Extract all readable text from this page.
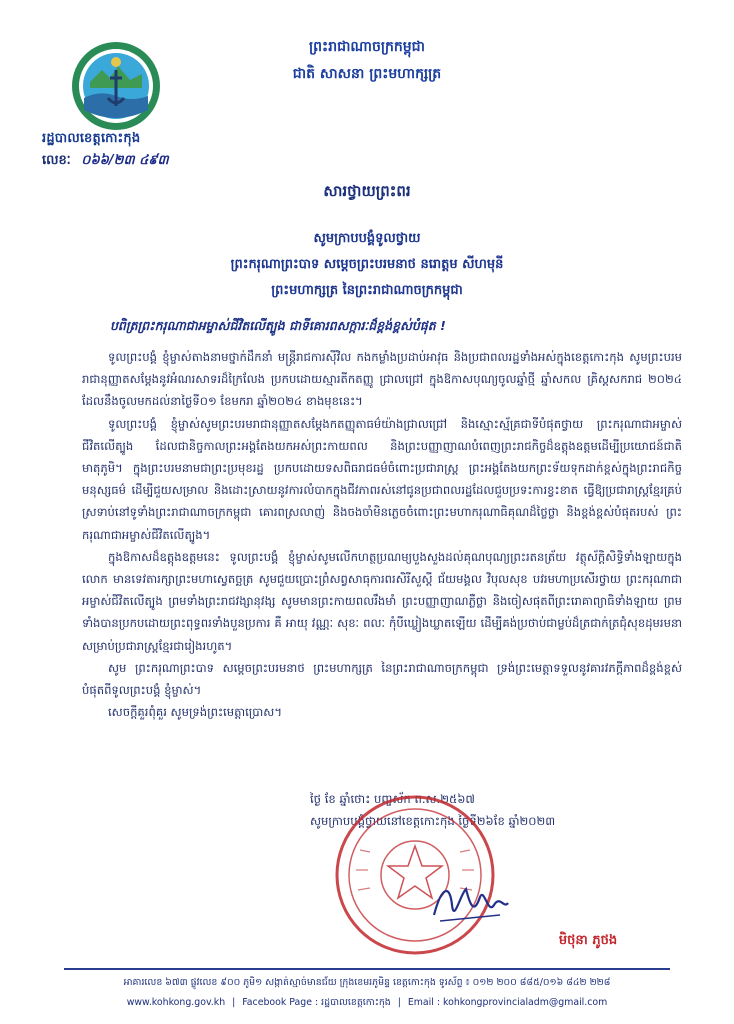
រដ្ឋបាលខេត្តកោះកុង
លេខៈ ០៦៦/២៣ ៤៩៣
ព្រះរាជាណាចក្រកម្ពុជា
ជាតិ សាសនា ព្រះមហាក្សត្រ
សារថ្វាយព្រះពរ
សូមក្រាបបង្គំទូលថ្វាយ
ព្រះករុណាព្រះបាទ សម្ដេចព្រះបរមនាថ នរោត្ដម សីហមុនី
ព្រះមហាក្សត្រ នៃព្រះរាជាណាចក្រកម្ពុជា
បពិត្រព្រះករុណាជាអម្ចាស់ជីវិតលើត្បូង ជាទីគោរពសក្ការៈដ៏ខ្ពង់ខ្ពស់បំផុត !

ទូលព្រះបង្គំ ខ្ញុំម្ចាស់តាងនាមថ្នាក់ដឹកនាំ មន្ត្រីរាជការស៊ីវិល កងកម្លាំងប្រដាប់អាវុធ និងប្រជាពលរដ្ឋទាំងអស់ក្នុងខេត្តកោះកុង សូមព្រះបរមរាជានុញ្ញាតសម្តែងនូវអំណរសាទរដ៏ក្រៃលែង ប្រកបដោយស្មារតីកតញ្ញូ ជ្រាលជ្រៅ ក្នុងឱកាសបុណ្យចូលឆ្នាំថ្មី ឆ្នាំសកល គ្រិស្តសករាជ ២០២៤ ដែលនឹងចូលមកដល់នាថ្ងៃទី០១ ខែមករា ឆ្នាំ២០២៤ ខាងមុខនេះ។

ទូលព្រះបង្គំ ខ្ញុំម្ចាស់សូមព្រះបរមរាជានុញ្ញាតសម្តែងកតញ្ញុតាធម៌យ៉ាងជ្រាលជ្រៅ និងស្មោះស្ម័គ្រជាទីបំផុតថ្វាយ ព្រះករុណាជាអម្ចាស់ជីវិតលើត្បូង ដែលជានិច្ចកាលព្រះអង្គតែងយកអស់ព្រះកាយពល និងព្រះបញ្ញាញាណបំពេញព្រះរាជកិច្ចដ៏ឧត្តុងឧត្តមដើម្បីប្រយោជន៍ជាតិមាតុភូមិ។ ក្នុងព្រះបរមនាមជាព្រះប្រមុខរដ្ឋ ប្រកបដោយទសពិធរាជធម៌ចំពោះប្រជារាស្ត្រ ព្រះអង្គតែងយកព្រះទ័យទុកដាក់ខ្ពស់ក្នុងព្រះរាជកិច្ចមនុស្សធម៌ ដើម្បីជួយសម្រាល និងដោះស្រាយនូវការលំបាកក្នុងជីវភាពរស់នៅជូនប្រជាពលរដ្ឋដែលជួបប្រទះការខ្វះខាត ធ្វើឱ្យប្រជារាស្ត្រខ្មែរគ្រប់ស្រទាប់នៅទូទាំងព្រះរាជាណាចក្រកម្ពុជា គោរពស្រលាញ់ និងចងចាំមិនភ្លេចចំពោះព្រះមហាករុណាធិគុណដ៏ថ្លៃថ្លា និងខ្ពង់ខ្ពស់បំផុតរបស់ ព្រះករុណាជាអម្ចាស់ជីវិតលើត្បូង។

ក្នុងឱកាសដ៏ឧត្តុងឧត្តមនេះ ទូលព្រះបង្គំ ខ្ញុំម្ចាស់សូមលើកហត្ថប្រណម្យបួងសួងដល់គុណបុណ្យព្រះរតនត្រ័យ វត្ថុស័ក្តិសិទ្ធិទាំងឡាយក្នុងលោក មានទេវតារក្សាព្រះមហាស្វេតច្ឆត្រ សូមជួយប្រោះព្រំសព្វសាធុការពរសិរីសួស្តី ជ័យមង្គល វិបុលសុខ បវរមហាប្រសើរថ្វាយ ព្រះករុណាជាអម្ចាស់ជីវិតលើត្បូង ព្រមទាំងព្រះរាជវង្សានុវង្ស សូមមានព្រះកាយពលរឹងមាំ ព្រះបញ្ញាញាណភ្លឺថ្លា និងចៀសផុតពីព្រះរោគាព្យាធិទាំងឡាយ ព្រមទាំងបានប្រកបដោយព្រះពុទ្ធពរទាំងបួនប្រការ គឺ អាយុ វណ្ណៈ សុខៈ ពលៈ កុំបីឃ្លៀងឃ្លាតឡើយ ដើម្បីគង់ប្រថាប់ជាម្លប់ដ៏ត្រជាក់ត្រជុំសុខដុមរមនាសម្រាប់ប្រជារាស្ត្រខ្មែរជារៀងរហូត។

សូម ព្រះករុណាព្រះបាទ សម្ដេចព្រះបរមនាថ ព្រះមហាក្សត្រ នៃព្រះរាជាណាចក្រកម្ពុជា ទ្រង់ព្រះមេត្តាទទួលនូវគារវភក្តីភាពដ៏ខ្ពង់ខ្ពស់បំផុតពីទូលព្រះបង្គំ ខ្ញុំម្ចាស់។

សេចក្តីគួរពុំគួរ សូមទ្រង់ព្រះមេត្តាប្រោស។

ថ្ងៃ ខែ ឆ្នាំថោះ បញ្ចស័ក ព.ស.២៥៦៧
សូមក្រាបបង្គំថ្វាយនៅខេត្តកោះកុង ថ្ងៃទី២៦ខែ ឆ្នាំ២០២៣
មិថុនា ភូថង
អាគារលេខ ៦៧៣ ផ្លូវលេខ ៩០០ ភូមិ១ សង្កាត់ស្មាច់មានជ័យ ក្រុងខេមរភូមិន្ទ ខេត្តកោះកុង ទូរស័ព្ទ ៖ ០១២ ២០០ ៨៨៥/០១៦ ៨៤២ ២២៨
www.kohkong.gov.kh | Facebook Page : រដ្ឋបាលខេត្តកោះកុង | Email : kohkongprovincialadm@gmail.com
